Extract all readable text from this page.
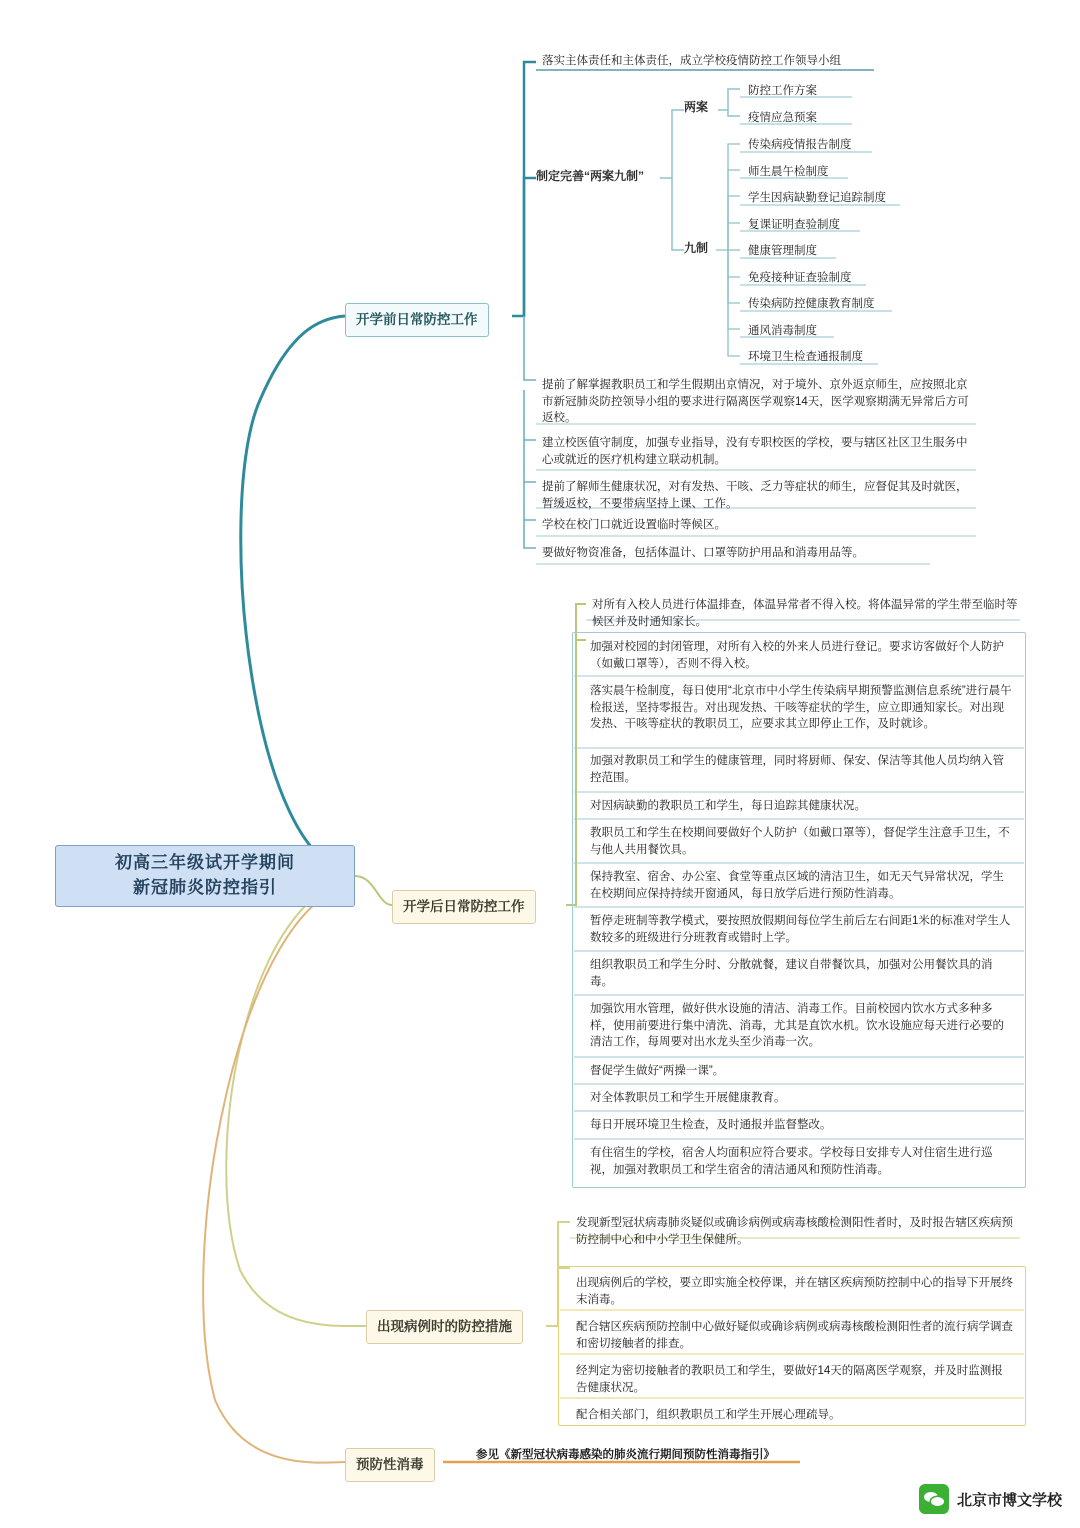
初高三年级试开学期间
新冠肺炎防控指引
开学前日常防控工作
开学后日常防控工作
出现病例时的防控措施
预防性消毒
落实主体责任和主体责任，成立学校疫情防控工作领导小组
制定完善“两案九制”
两案
九制
防控工作方案
疫情应急预案
传染病疫情报告制度
师生晨午检制度
学生因病缺勤登记追踪制度
复课证明查验制度
健康管理制度
免疫接种证查验制度
传染病防控健康教育制度
通风消毒制度
环境卫生检查通报制度
提前了解掌握教职员工和学生假期出京情况，对于境外、京外返京师生，应按照北京市新冠肺炎防控领导小组的要求进行隔离医学观察14天，医学观察期满无异常后方可返校。
建立校医值守制度，加强专业指导，没有专职校医的学校，要与辖区社区卫生服务中心或就近的医疗机构建立联动机制。
提前了解师生健康状况，对有发热、干咳、乏力等症状的师生，应督促其及时就医，暂缓返校，不要带病坚持上课、工作。
学校在校门口就近设置临时等候区。
要做好物资准备，包括体温计、口罩等防护用品和消毒用品等。
对所有入校人员进行体温排查，体温异常者不得入校。将体温异常的学生带至临时等候区并及时通知家长。
加强对校园的封闭管理，对所有入校的外来人员进行登记。要求访客做好个人防护（如戴口罩等），否则不得入校。
落实晨午检制度，每日使用“北京市中小学生传染病早期预警监测信息系统”进行晨午检报送，坚持零报告。对出现发热、干咳等症状的学生，应立即通知家长。对出现发热、干咳等症状的教职员工，应要求其立即停止工作，及时就诊。
加强对教职员工和学生的健康管理，同时将厨师、保安、保洁等其他人员均纳入管控范围。
对因病缺勤的教职员工和学生，每日追踪其健康状况。
教职员工和学生在校期间要做好个人防护（如戴口罩等），督促学生注意手卫生，不与他人共用餐饮具。
保持教室、宿舍、办公室、食堂等重点区域的清洁卫生，如无天气异常状况，学生在校期间应保持持续开窗通风，每日放学后进行预防性消毒。
暂停走班制等教学模式，要按照放假期间每位学生前后左右间距1米的标准对学生人数较多的班级进行分班教育或错时上学。
组织教职员工和学生分时、分散就餐，建议自带餐饮具，加强对公用餐饮具的消毒。
加强饮用水管理，做好供水设施的清洁、消毒工作。目前校园内饮水方式多种多样，使用前要进行集中清洗、消毒，尤其是直饮水机。饮水设施应每天进行必要的清洁工作，每周要对出水龙头至少消毒一次。
督促学生做好“两操一课”。
对全体教职员工和学生开展健康教育。
每日开展环境卫生检查，及时通报并监督整改。
有住宿生的学校，宿舍人均面积应符合要求。学校每日安排专人对住宿生进行巡视，加强对教职员工和学生宿舍的清洁通风和预防性消毒。
发现新型冠状病毒肺炎疑似或确诊病例或病毒核酸检测阳性者时，及时报告辖区疾病预防控制中心和中小学卫生保健所。
出现病例后的学校，要立即实施全校停课，并在辖区疾病预防控制中心的指导下开展终末消毒。
配合辖区疾病预防控制中心做好疑似或确诊病例或病毒核酸检测阳性者的流行病学调查和密切接触者的排查。
经判定为密切接触者的教职员工和学生，要做好14天的隔离医学观察，并及时监测报告健康状况。
配合相关部门，组织教职员工和学生开展心理疏导。
参见《新型冠状病毒感染的肺炎流行期间预防性消毒指引》
北京市博文学校
